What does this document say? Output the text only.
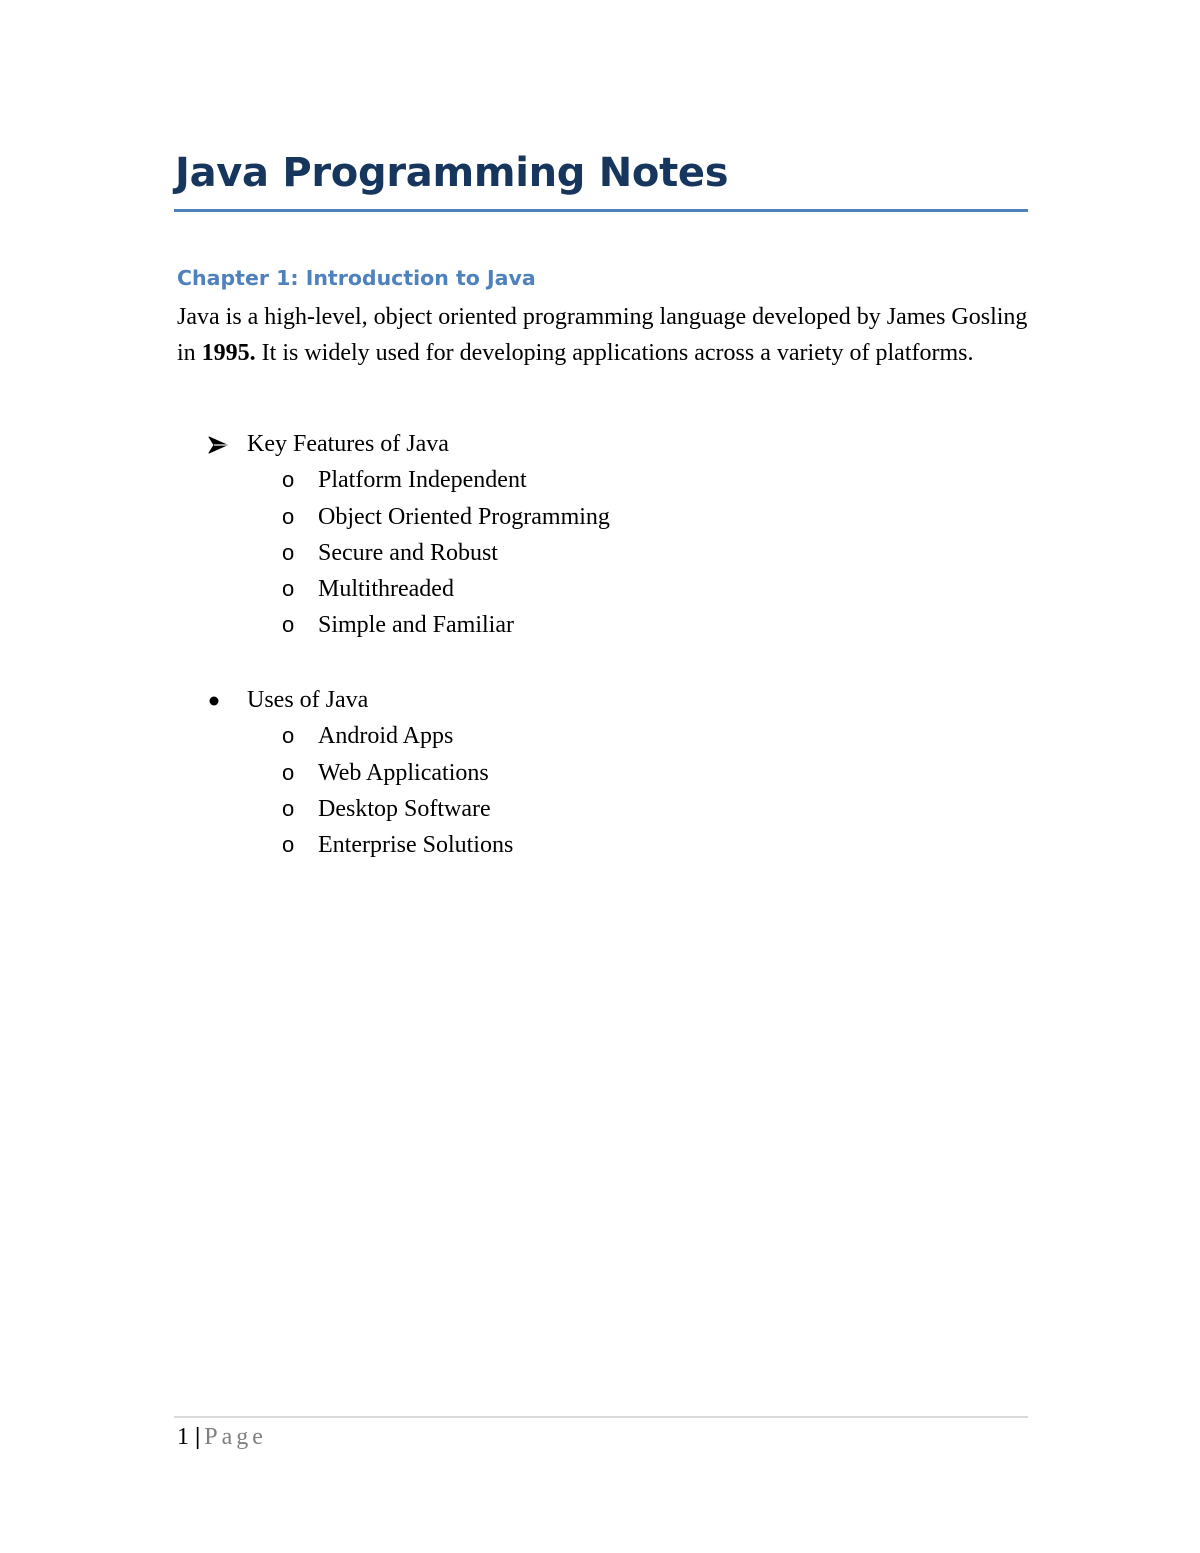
Java Programming Notes
Chapter 1: Introduction to Java

Java is a high-level, object oriented programming language developed by James Gosling in 1995. It is widely used for developing applications across a variety of platforms.

Key Features of Java
o Platform Independent
o Object Oriented Programming
o Secure and Robust
o Multithreaded
o Simple and Familiar
Uses of Java
o Android Apps
o Web Applications
o Desktop Software
o Enterprise Solutions
1 | Page
